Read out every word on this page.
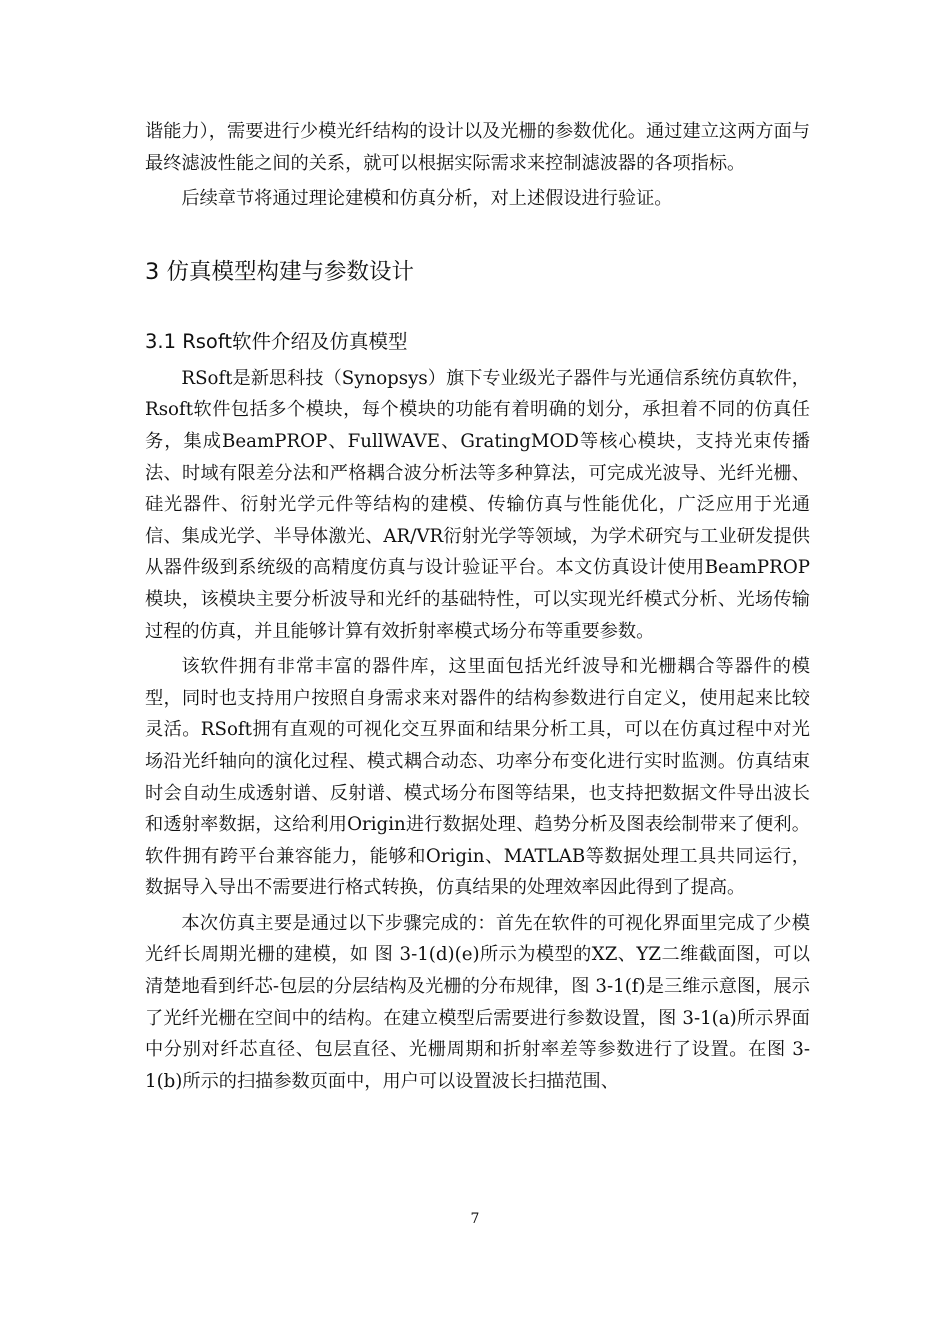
谐能力），需要进行少模光纤结构的设计以及光栅的参数优化。通过建立这两方面与最终滤波性能之间的关系，就可以根据实际需求来控制滤波器的各项指标。

后续章节将通过理论建模和仿真分析，对上述假设进行验证。

3 仿真模型构建与参数设计
3.1 Rsoft软件介绍及仿真模型

RSoft是新思科技（Synopsys）旗下专业级光子器件与光通信系统仿真软件，Rsoft软件包括多个模块，每个模块的功能有着明确的划分，承担着不同的仿真任务，集成BeamPROP、FullWAVE、GratingMOD等核心模块，支持光束传播法、时域有限差分法和严格耦合波分析法等多种算法，可完成光波导、光纤光栅、硅光器件、衍射光学元件等结构的建模、传输仿真与性能优化，广泛应用于光通信、集成光学、半导体激光、AR/VR衍射光学等领域，为学术研究与工业研发提供从器件级到系统级的高精度仿真与设计验证平台。本文仿真设计使用BeamPROP模块，该模块主要分析波导和光纤的基础特性，可以实现光纤模式分析、光场传输过程的仿真，并且能够计算有效折射率模式场分布等重要参数。

该软件拥有非常丰富的器件库，这里面包括光纤波导和光栅耦合等器件的模型，同时也支持用户按照自身需求来对器件的结构参数进行自定义，使用起来比较灵活。RSoft拥有直观的可视化交互界面和结果分析工具，可以在仿真过程中对光场沿光纤轴向的演化过程、模式耦合动态、功率分布变化进行实时监测。仿真结束时会自动生成透射谱、反射谱、模式场分布图等结果，也支持把数据文件导出波长和透射率数据，这给利用Origin进行数据处理、趋势分析及图表绘制带来了便利。软件拥有跨平台兼容能力，能够和Origin、MATLAB等数据处理工具共同运行，数据导入导出不需要进行格式转换，仿真结果的处理效率因此得到了提高。

本次仿真主要是通过以下步骤完成的：首先在软件的可视化界面里完成了少模光纤长周期光栅的建模，如 图 3-1(d)(e)所示为模型的XZ、YZ二维截面图，可以清楚地看到纤芯-包层的分层结构及光栅的分布规律，图 3-1(f)是三维示意图，展示了光纤光栅在空间中的结构。在建立模型后需要进行参数设置，图 3-1(a)所示界面中分别对纤芯直径、包层直径、光栅周期和折射率差等参数进行了设置。在图 3-1(b)所示的扫描参数页面中，用户可以设置波长扫描范围、

7
